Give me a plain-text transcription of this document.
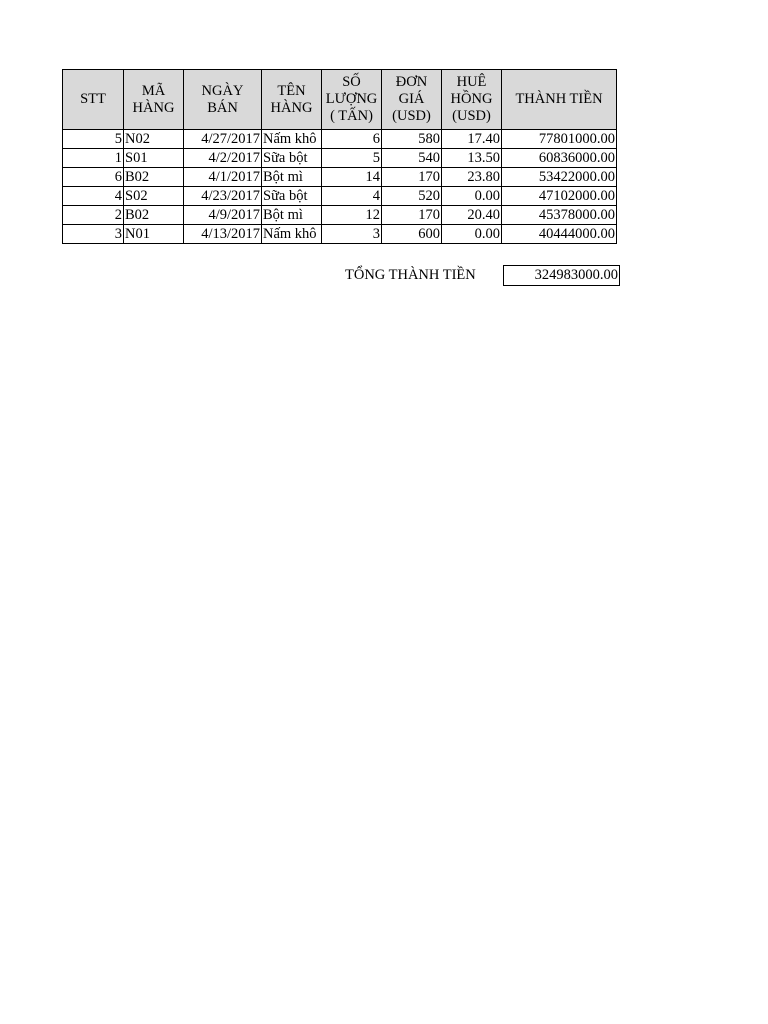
STT	MÃ HÀNG	NGÀY BÁN	TÊN HÀNG	SỐ LƯỢNG ( TẤN)	ĐƠN GIÁ (USD)	HUÊ HỒNG (USD)	THÀNH TIỀN
5	N02	4/27/2017	Nấm khô	6	580	17.40	77801000.00
1	S01	4/2/2017	Sữa bột	5	540	13.50	60836000.00
6	B02	4/1/2017	Bột mì	14	170	23.80	53422000.00
4	S02	4/23/2017	Sữa bột	4	520	0.00	47102000.00
2	B02	4/9/2017	Bột mì	12	170	20.40	45378000.00
3	N01	4/13/2017	Nấm khô	3	600	0.00	40444000.00
TỔNG THÀNH TIỀN	324983000.00
